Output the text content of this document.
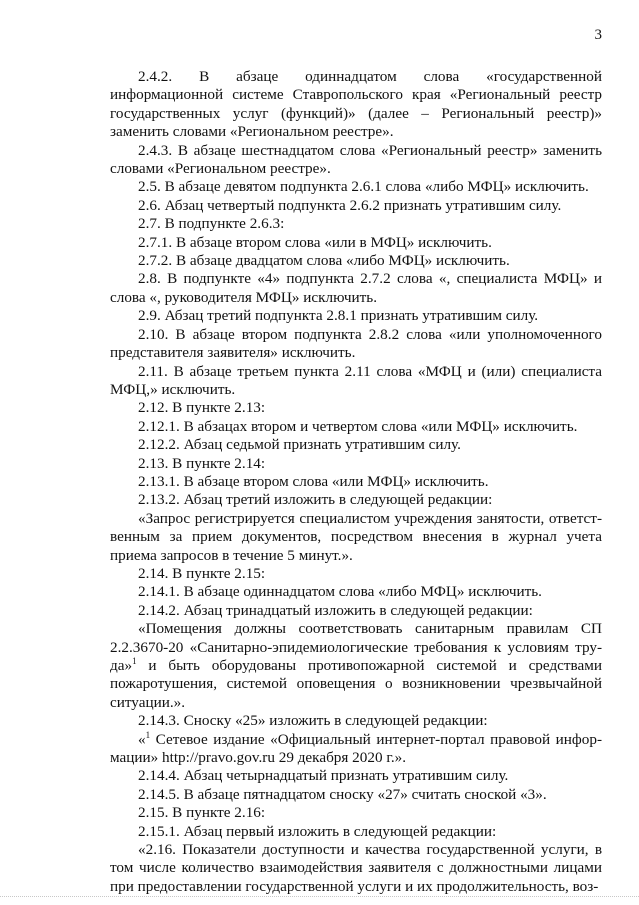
3

2.4.2. В абзаце одиннадцатом слова «государственной информационной системе Ставропольского края «Региональный реестр государственных услуг (функций)» (далее – Региональный реестр)» заменить словами «Региональном реестре».

2.4.3. В абзаце шестнадцатом слова «Региональный реестр» заменить словами «Региональном реестре».

2.5. В абзаце девятом подпункта 2.6.1 слова «либо МФЦ» исключить.

2.6. Абзац четвертый подпункта 2.6.2 признать утратившим силу.

2.7. В подпункте 2.6.3:

2.7.1. В абзаце втором слова «или в МФЦ» исключить.

2.7.2. В абзаце двадцатом слова «либо МФЦ» исключить.

2.8. В подпункте «4» подпункта 2.7.2 слова «, специалиста МФЦ» и слова «, руководителя МФЦ» исключить.

2.9. Абзац третий подпункта 2.8.1 признать утратившим силу.

2.10. В абзаце втором подпункта 2.8.2 слова «или уполномоченного представителя заявителя» исключить.

2.11. В абзаце третьем пункта 2.11 слова «МФЦ и (или) специалиста МФЦ,» исключить.

2.12. В пункте 2.13:

2.12.1. В абзацах втором и четвертом слова «или МФЦ» исключить.

2.12.2. Абзац седьмой признать утратившим силу.

2.13. В пункте 2.14:

2.13.1. В абзаце втором слова «или МФЦ» исключить.

2.13.2. Абзац третий изложить в следующей редакции:

«Запрос регистрируется специалистом учреждения занятости, ответственным за прием документов, посредством внесения в журнал учета приема запросов в течение 5 минут.».

2.14. В пункте 2.15:

2.14.1. В абзаце одиннадцатом слова «либо МФЦ» исключить.

2.14.2. Абзац тринадцатый изложить в следующей редакции:

«Помещения должны соответствовать санитарным правилам СП 2.2.3670-20 «Санитарно-эпидемиологические требования к условиям труда»$^1$ и быть оборудованы противопожарной системой и средствами пожаротушения, системой оповещения о возникновении чрезвычайной ситуации.».

2.14.3. Сноску «25» изложить в следующей редакции:

«$^1$ Сетевое издание «Официальный интернет-портал правовой информации» http://pravo.gov.ru 29 декабря 2020 г.».

2.14.4. Абзац четырнадцатый признать утратившим силу.

2.14.5. В абзаце пятнадцатом сноску «27» считать сноской «3».

2.15. В пункте 2.16:

2.15.1. Абзац первый изложить в следующей редакции:

«2.16. Показатели доступности и качества государственной услуги, в том числе количество взаимодействия заявителя с должностными лицами при предоставлении государственной услуги и их продолжительность, воз-
